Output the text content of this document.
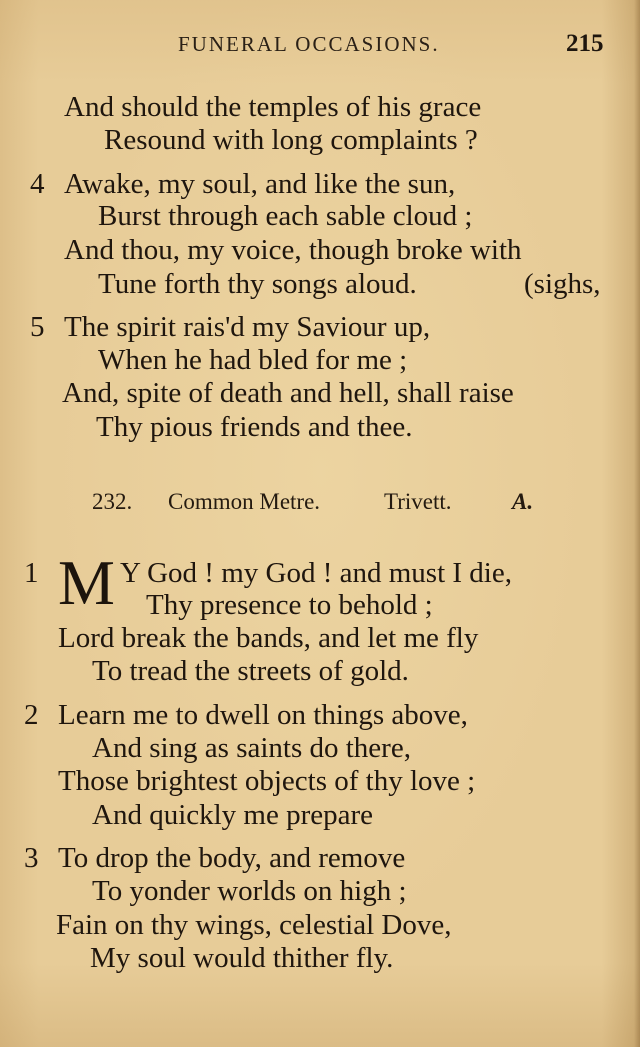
FUNERAL OCCASIONS.	215
And should the temples of his grace
Resound with long complaints ?
4 Awake, my soul, and like the sun,
Burst through each sable cloud ;
And thou, my voice, though broke with
Tune forth thy songs aloud.	(sighs,
5 The spirit rais'd my Saviour up,
When he had bled for me ;
And, spite of death and hell, shall raise
Thy pious friends and thee.
232. Common Metre.	Trivett.	A.
1 M Y God ! my God ! and must I die,
Thy presence to behold ;
Lord break the bands, and let me fly
To tread the streets of gold.
2 Learn me to dwell on things above,
And sing as saints do there,
Those brightest objects of thy love ;
And quickly me prepare
3 To drop the body, and remove
To yonder worlds on high ;
Fain on thy wings, celestial Dove,
My soul would thither fly.
